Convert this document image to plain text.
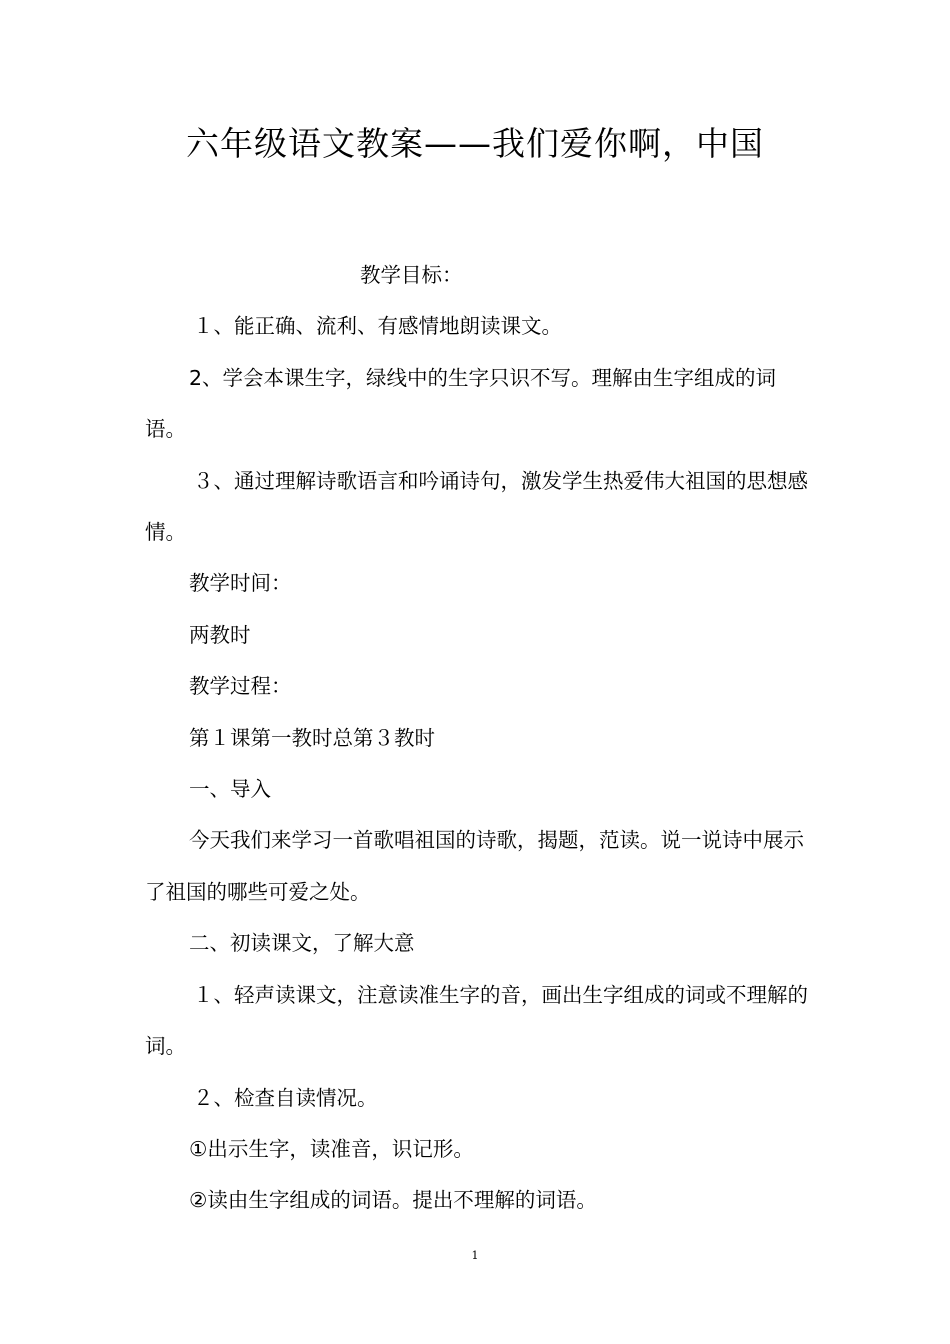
六年级语文教案——我们爱你啊，中国

教学目标：

１、能正确、流利、有感情地朗读课文。

2、学会本课生字，绿线中的生字只识不写。理解由生字组成的词语。

３、通过理解诗歌语言和吟诵诗句，激发学生热爱伟大祖国的思想感情。

教学时间：

两教时

教学过程：

第１课第一教时总第３教时

一、导入

今天我们来学习一首歌唱祖国的诗歌，揭题，范读。说一说诗中展示了祖国的哪些可爱之处。

二、初读课文，了解大意

１、轻声读课文，注意读准生字的音，画出生字组成的词或不理解的词。

２、检查自读情况。

①出示生字，读准音，识记形。

②读由生字组成的词语。提出不理解的词语。

1
